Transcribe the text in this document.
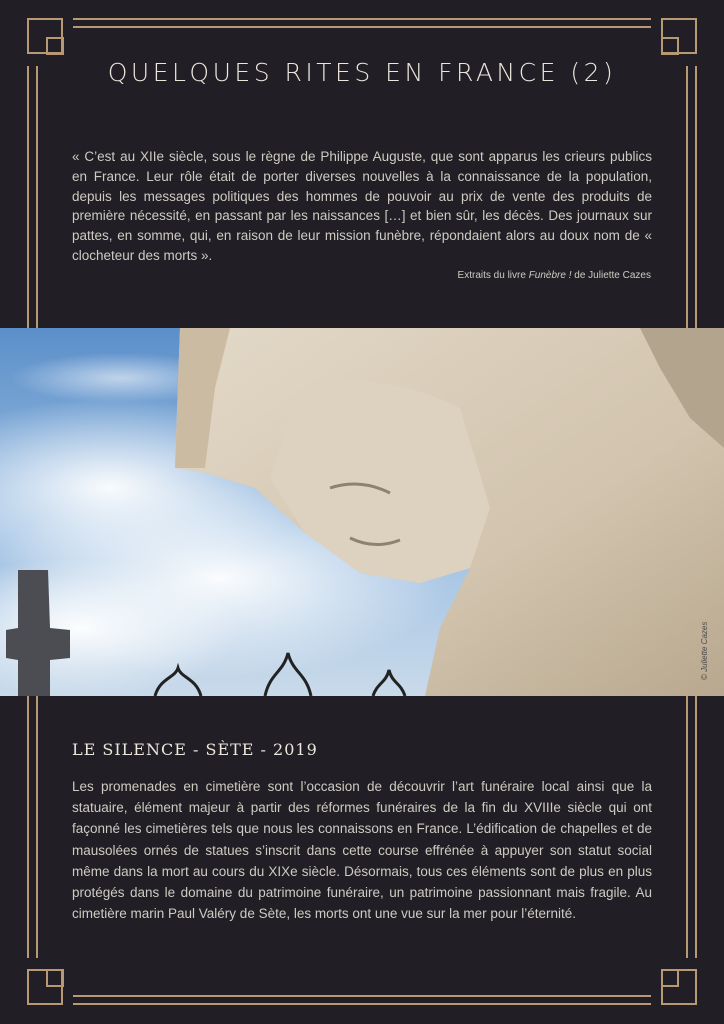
QUELQUES RITES EN FRANCE (2)

« C’est au XIIe siècle, sous le règne de Philippe Auguste, que sont apparus les crieurs publics en France. Leur rôle était de porter diverses nouvelles à la connaissance de la population, depuis les messages politiques des hommes de pouvoir au prix de vente des produits de première nécessité, en passant par les naissances […] et bien sûr, les décès. Des journaux sur pattes, en somme, qui, en raison de leur mission funèbre, répondaient alors au doux nom de « clocheteur des morts ».

Extraits du livre Funèbre ! de Juliette Cazes
© Juliette Cazes
LE SILENCE - SÈTE - 2019

Les promenades en cimetière sont l’occasion de découvrir l’art funéraire local ainsi que la statuaire, élément majeur à partir des réformes funéraires de la fin du XVIIIe siècle qui ont façonné les cimetières tels que nous les connaissons en France. L’édification de chapelles et de mausolées ornés de statues s’inscrit dans cette course effrénée à appuyer son statut social même dans la mort au cours du XIXe siècle. Désormais, tous ces éléments sont de plus en plus protégés dans le domaine du patrimoine funéraire, un patrimoine passionnant mais fragile. Au cimetière marin Paul Valéry de Sète, les morts ont une vue sur la mer pour l’éternité.
